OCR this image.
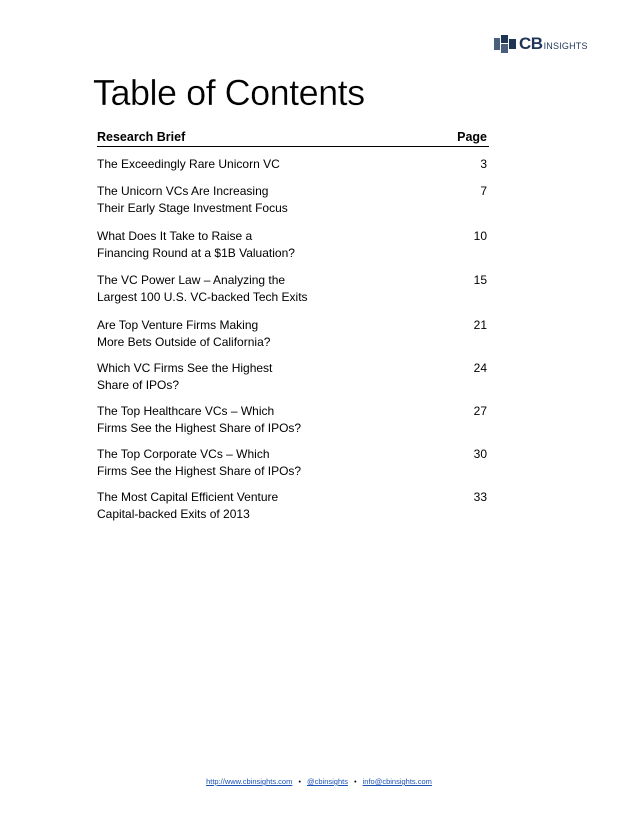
CB INSIGHTS
Table of Contents
Research Brief	Page
The Exceedingly Rare Unicorn VC	3
The Unicorn VCs Are Increasing
Their Early Stage Investment Focus
7
What Does It Take to Raise a
Financing Round at a $1B Valuation?
10
The VC Power Law – Analyzing the
Largest 100 U.S. VC-backed Tech Exits
15
Are Top Venture Firms Making
More Bets Outside of California?
21
Which VC Firms See the Highest
Share of IPOs?
24
The Top Healthcare VCs – Which
Firms See the Highest Share of IPOs?
27
The Top Corporate VCs – Which
Firms See the Highest Share of IPOs?
30
The Most Capital Efficient Venture
Capital-backed Exits of 2013
33
http://www.cbinsights.com • @cbinsights • info@cbinsights.com
